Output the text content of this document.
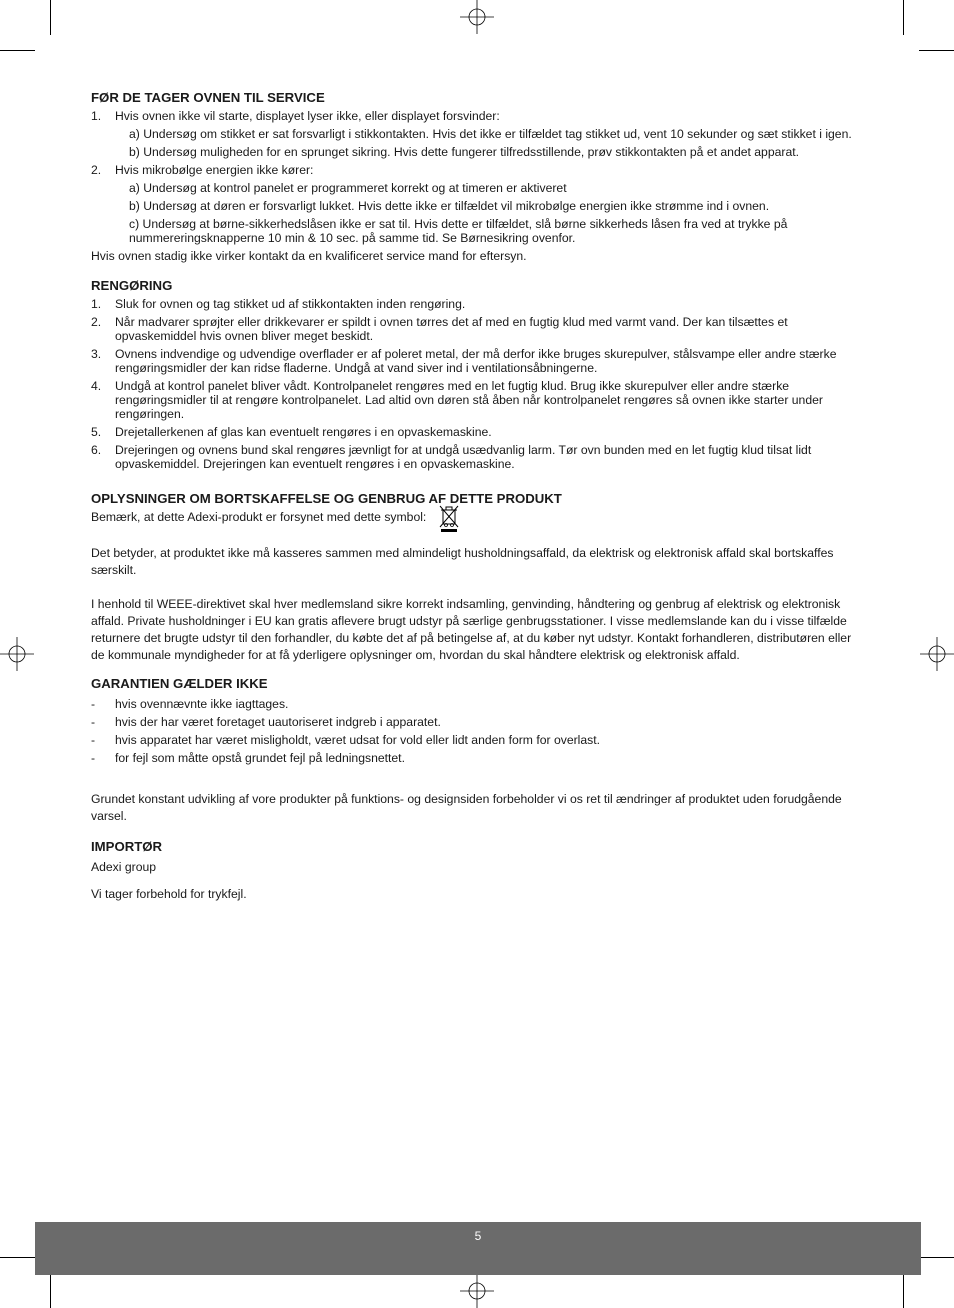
FØR DE TAGER OVNEN TIL SERVICE
1. Hvis ovnen ikke vil starte, displayet lyser ikke, eller displayet forsvinder:
a) Undersøg om stikket er sat forsvarligt i stikkontakten. Hvis det ikke er tilfældet tag stikket ud, vent 10 sekunder og sæt stikket i igen.
b) Undersøg muligheden for en sprunget sikring. Hvis dette fungerer tilfredsstillende, prøv stikkontakten på et andet apparat.
2. Hvis mikrobølge energien ikke kører:
a) Undersøg at kontrol panelet er programmeret korrekt og at timeren er aktiveret
b) Undersøg at døren er forsvarligt lukket. Hvis dette ikke er tilfældet vil mikrobølge energien ikke strømme ind i ovnen.
c) Undersøg at børne-sikkerhedslåsen ikke er sat til. Hvis dette er tilfældet, slå børne sikkerheds låsen fra ved at trykke på nummereringsknapperne 10 min & 10 sec. på samme tid. Se Børnesikring ovenfor.

Hvis ovnen stadig ikke virker kontakt da en kvalificeret service mand for eftersyn.

RENGØRING
1. Sluk for ovnen og tag stikket ud af stikkontakten inden rengøring.
2. Når madvarer sprøjter eller drikkevarer er spildt i ovnen tørres det af med en fugtig klud med varmt vand. Der kan tilsættes et opvaskemiddel hvis ovnen bliver meget beskidt.
3. Ovnens indvendige og udvendige overflader er af poleret metal, der må derfor ikke bruges skurepulver, stålsvampe eller andre stærke rengøringsmidler der kan ridse fladerne. Undgå at vand siver ind i ventilationsåbningerne.
4. Undgå at kontrol panelet bliver vådt. Kontrolpanelet rengøres med en let fugtig klud. Brug ikke skurepulver eller andre stærke rengøringsmidler til at rengøre kontrolpanelet. Lad altid ovn døren stå åben når kontrolpanelet rengøres så ovnen ikke starter under rengøringen.
5. Drejetallerkenen af glas kan eventuelt rengøres i en opvaskemaskine.
6. Drejeringen og ovnens bund skal rengøres jævnligt for at undgå usædvanlig larm. Tør ovn bunden med en let fugtig klud tilsat lidt opvaskemiddel. Drejeringen kan eventuelt rengøres i en opvaskemaskine.
OPLYSNINGER OM BORTSKAFFELSE OG GENBRUG AF DETTE PRODUKT

Bemærk, at dette Adexi-produkt er forsynet med dette symbol:

Det betyder, at produktet ikke må kasseres sammen med almindeligt husholdningsaffald, da elektrisk og elektronisk affald skal bortskaffes særskilt.

I henhold til WEEE-direktivet skal hver medlemsland sikre korrekt indsamling, genvinding, håndtering og genbrug af elektrisk og elektronisk affald. Private husholdninger i EU kan gratis aflevere brugt udstyr på særlige genbrugsstationer. I visse medlemslande kan du i visse tilfælde returnere det brugte udstyr til den forhandler, du købte det af på betingelse af, at du køber nyt udstyr. Kontakt forhandleren, distributøren eller de kommunale myndigheder for at få yderligere oplysninger om, hvordan du skal håndtere elektrisk og elektronisk affald.

GARANTIEN GÆLDER IKKE
- hvis ovennævnte ikke iagttages.
- hvis der har været foretaget uautoriseret indgreb i apparatet.
- hvis apparatet har været misligholdt, været udsat for vold eller lidt anden form for overlast.
- for fejl som måtte opstå grundet fejl på ledningsnettet.

Grundet konstant udvikling af vore produkter på funktions- og designsiden forbeholder vi os ret til ændringer af produktet uden forudgående varsel.

IMPORTØR

Adexi group

Vi tager forbehold for trykfejl.

5
